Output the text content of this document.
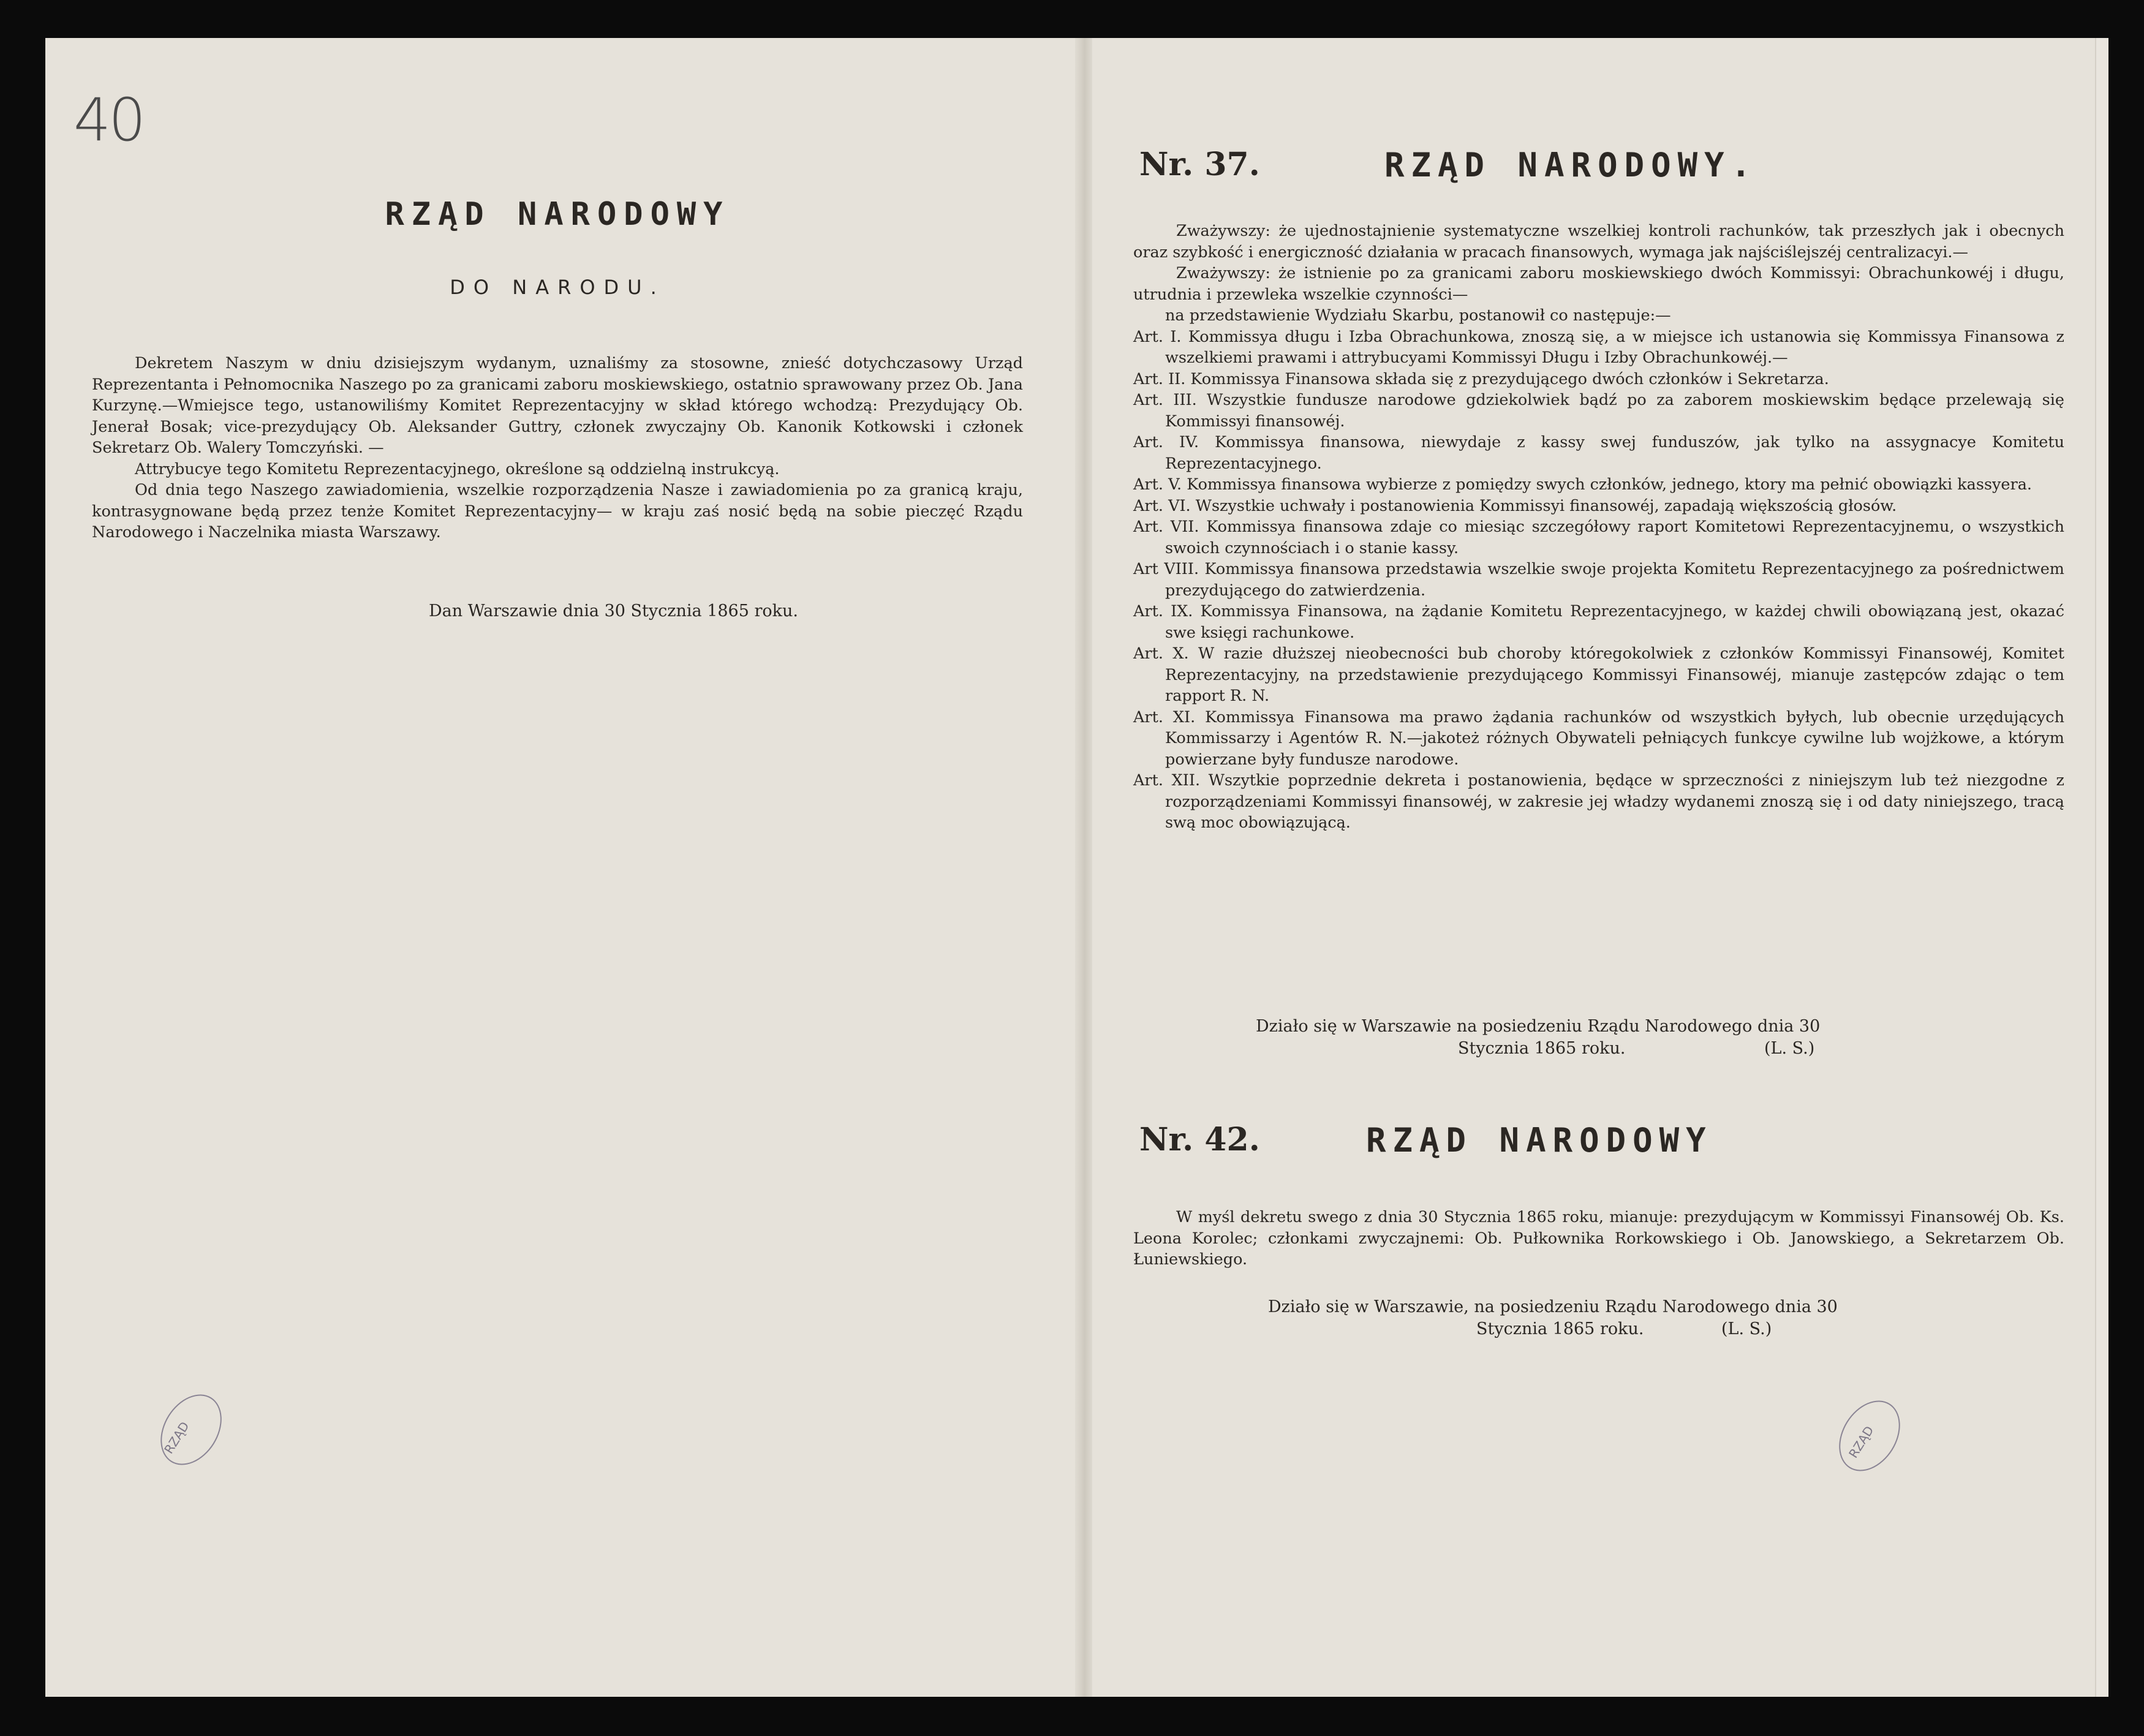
40
RZĄD NARODOWY
DO NARODU.

Dekretem Naszym w dniu dzisiejszym wydanym, uznaliśmy za stosowne, znieść dotychczasowy Urząd Reprezentanta i Pełnomocnika Naszego po za granicami zaboru moskiewskiego, ostatnio sprawowany przez Ob. Jana Kurzynę.—Wmiejsce tego, ustanowiliśmy Komitet Reprezentacyjny w skład którego wchodzą: Prezydujący Ob. Jenerał Bosak; vice-prezydujący Ob. Aleksander Guttry, członek zwyczajny Ob. Kanonik Kotkowski i członek Sekretarz Ob. Walery Tomczyński. —

Attrybucye tego Komitetu Reprezentacyjnego, określone są oddzielną instrukcyą.

Od dnia tego Naszego zawiadomienia, wszelkie rozporządzenia Nasze i zawiadomienia po za granicą kraju, kontrasygnowane będą przez tenże Komitet Reprezentacyjny— w kraju zaś nosić będą na sobie pieczęć Rządu Narodowego i Naczelnika miasta Warszawy.

Dan Warszawie dnia 30 Stycznia 1865 roku.
RZĄD
Nr. 37.	RZĄD NARODOWY.

Zważywszy: że ujednostajnienie systematyczne wszelkiej kontroli rachunków, tak przeszłych jak i obecnych oraz szybkość i energiczność działania w pracach finansowych, wymaga jak najściślejszéj centralizacyi.—

Zważywszy: że istnienie po za granicami zaboru moskiewskiego dwóch Kommissyi: Obrachunkowéj i długu, utrudnia i przewleka wszelkie czynności—

na przedstawienie Wydziału Skarbu, postanowił co następuje:—

Art. I. Kommissya długu i Izba Obrachunkowa, znoszą się, a w miejsce ich ustanowia się Kommissya Finansowa z wszelkiemi prawami i attrybucyami Kommissyi Długu i Izby Obrachunkowéj.—

Art. II. Kommissya Finansowa składa się z prezydującego dwóch członków i Sekretarza.

Art. III. Wszystkie fundusze narodowe gdziekolwiek bądź po za zaborem moskiewskim będące przelewają się Kommissyi finansowéj.

Art. IV. Kommissya finansowa, niewydaje z kassy swej funduszów, jak tylko na assygnacye Komitetu Reprezentacyjnego.

Art. V. Kommissya finansowa wybierze z pomiędzy swych członków, jednego, ktory ma pełnić obowiązki kassyera.

Art. VI. Wszystkie uchwały i postanowienia Kommissyi finansowéj, zapadają większością głosów.

Art. VII. Kommissya finansowa zdaje co miesiąc szczegółowy raport Komitetowi Reprezentacyjnemu, o wszystkich swoich czynnościach i o stanie kassy.

Art VIII. Kommissya finansowa przedstawia wszelkie swoje projekta Komitetu Reprezentacyjnego za pośrednictwem prezydującego do zatwierdzenia.

Art. IX. Kommissya Finansowa, na żądanie Komitetu Reprezentacyjnego, w każdej chwili obowiązaną jest, okazać swe księgi rachunkowe.

Art. X. W razie dłuższej nieobecności bub choroby któregokolwiek z członków Kommissyi Finansowéj, Komitet Reprezentacyjny, na przedstawienie prezydującego Kommissyi Finansowéj, mianuje zastępców zdając o tem rapport R. N.

Art. XI. Kommissya Finansowa ma prawo żądania rachunków od wszystkich byłych, lub obecnie urzędujących Kommissarzy i Agentów R. N.—jakoteż różnych Obywateli pełniących funkcye cywilne lub wojżkowe, a którym powierzane były fundusze narodowe.

Art. XII. Wszytkie poprzednie dekreta i postanowienia, będące w sprzeczności z niniejszym lub też niezgodne z rozporządzeniami Kommissyi finansowéj, w zakresie jej władzy wydanemi znoszą się i od daty niniejszego, tracą swą moc obowiązującą.

Działo się w Warszawie na posiedzeniu Rządu Narodowego dnia 30
Stycznia 1865 roku.	(L. S.)
Nr. 42.	RZĄD NARODOWY

W myśl dekretu swego z dnia 30 Stycznia 1865 roku, mianuje: prezydującym w Kommissyi Finansowéj Ob. Ks. Leona Korolec; członkami zwyczajnemi: Ob. Pułkownika Rorkowskiego i Ob. Janowskiego, a Sekretarzem Ob. Łuniewskiego.

Działo się w Warszawie, na posiedzeniu Rządu Narodowego dnia 30
Stycznia 1865 roku.	(L. S.)
RZĄD
